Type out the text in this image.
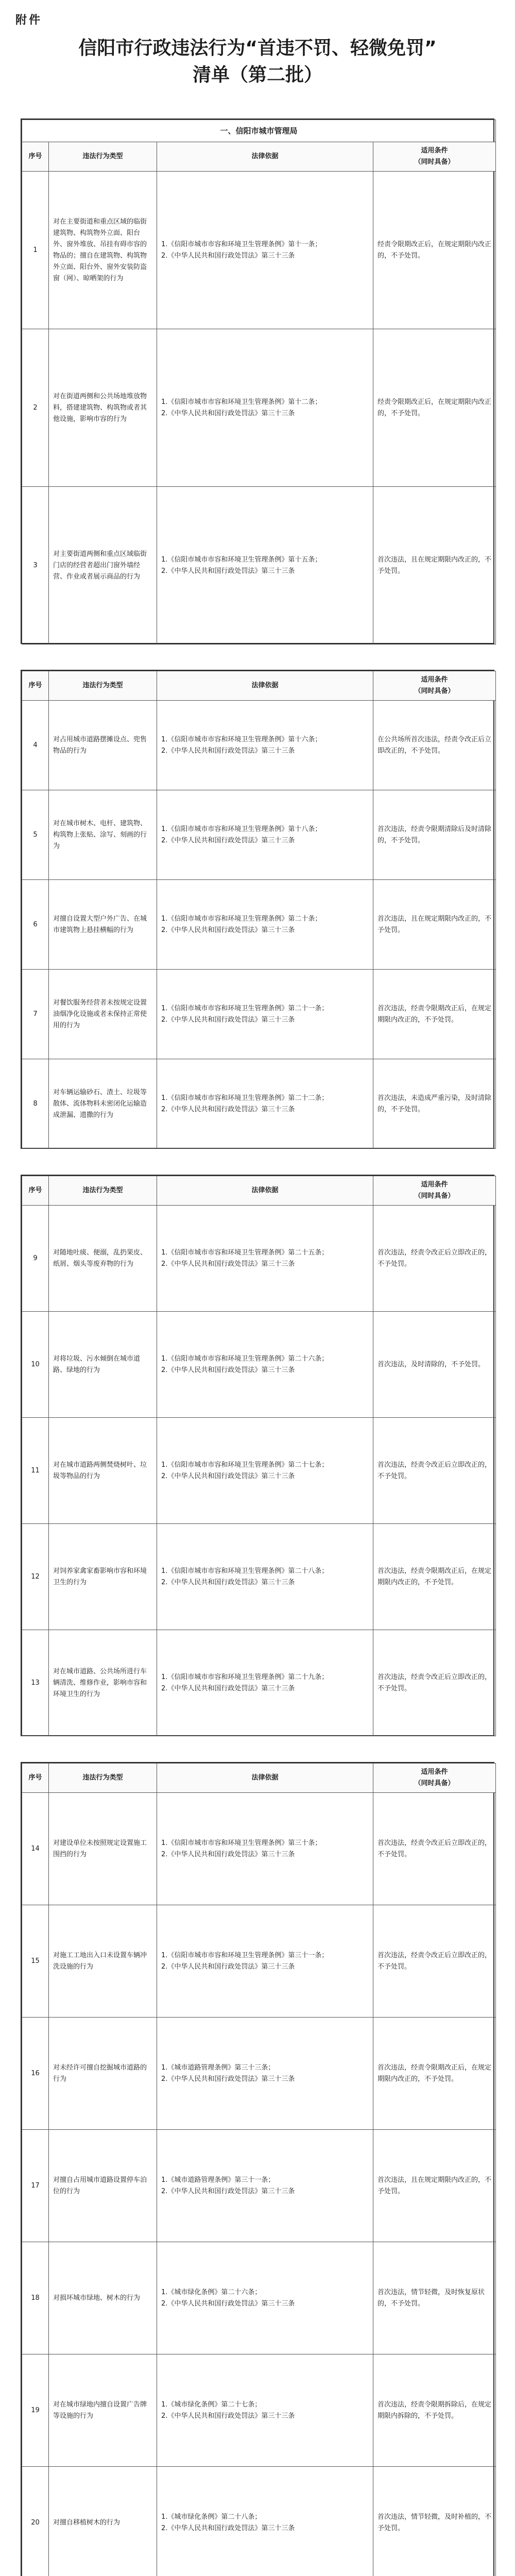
附件
信阳市行政违法行为“首违不罚、轻微免罚”
清单（第二批）
一、信阳市城市管理局			
序号	违法行为类型	法律依据	适用条件
（同时具备）
1	对在主要街道和重点区域的临街建筑物、构筑物外立面、阳台外、窗外堆放、吊挂有碍市容的物品的；擅自在建筑物、构筑物外立面、阳台外、窗外安装防盗窗（网）、晾晒架的行为	1.《信阳市城市市容和环境卫生管理条例》第十一条；
2.《中华人民共和国行政处罚法》第三十三条	经责令限期改正后，在规定期限内改正的，不予处罚。
2	对在街道两侧和公共场地堆放物料，搭建建筑物、构筑物或者其他设施，影响市容的行为	1.《信阳市城市市容和环境卫生管理条例》第十二条；
2.《中华人民共和国行政处罚法》第三十三条	经责令限期改正后，在规定期限内改正的，不予处罚。
3	对主要街道两侧和重点区域临街门店的经营者超出门窗外墙经营、作业或者展示商品的行为	1.《信阳市城市市容和环境卫生管理条例》第十五条；
2.《中华人民共和国行政处罚法》第三十三条	首次违法，且在规定期限内改正的，不予处罚。
序号	违法行为类型	法律依据	适用条件
（同时具备）
4	对占用城市道路摆摊设点、兜售物品的行为	1.《信阳市城市市容和环境卫生管理条例》第十六条；
2.《中华人民共和国行政处罚法》第三十三条	在公共场所首次违法，经责令改正后立即改正的，不予处罚。
5	对在城市树木、电杆、建筑物、构筑物上张贴、涂写、刻画的行为	1.《信阳市城市市容和环境卫生管理条例》第十八条；
2.《中华人民共和国行政处罚法》第三十三条	首次违法，经责令限期清除后及时清除的，不予处罚。
6	对擅自设置大型户外广告、在城市建筑物上悬挂横幅的行为	1.《信阳市城市市容和环境卫生管理条例》第二十条；
2.《中华人民共和国行政处罚法》第三十三条	首次违法，且在规定期限内改正的，不予处罚。
7	对餐饮服务经营者未按规定设置油烟净化设施或者未保持正常使用的行为	1.《信阳市城市市容和环境卫生管理条例》第二十一条；
2.《中华人民共和国行政处罚法》第三十三条	首次违法，经责令限期改正后，在规定期限内改正的，不予处罚。
8	对车辆运输砂石、渣土、垃圾等散体、流体物料未密闭化运输造成泄漏、遗撒的行为	1.《信阳市城市市容和环境卫生管理条例》第二十二条；
2.《中华人民共和国行政处罚法》第三十三条	首次违法，未造成严重污染，及时清除的，不予处罚。
序号	违法行为类型	法律依据	适用条件
（同时具备）
9	对随地吐痰、便溺，乱扔果皮、纸屑、烟头等废弃物的行为	1.《信阳市城市市容和环境卫生管理条例》第二十五条；
2.《中华人民共和国行政处罚法》第三十三条	首次违法，经责令改正后立即改正的，不予处罚。
10	对将垃圾、污水倾倒在城市道路、绿地的行为	1.《信阳市城市市容和环境卫生管理条例》第二十六条；
2.《中华人民共和国行政处罚法》第三十三条	首次违法，及时清除的，不予处罚。
11	对在城市道路两侧焚烧树叶、垃圾等物品的行为	1.《信阳市城市市容和环境卫生管理条例》第二十七条；
2.《中华人民共和国行政处罚法》第三十三条	首次违法，经责令改正后立即改正的，不予处罚。
12	对饲养家禽家畜影响市容和环境卫生的行为	1.《信阳市城市市容和环境卫生管理条例》第二十八条；
2.《中华人民共和国行政处罚法》第三十三条	首次违法，经责令限期改正后，在规定期限内改正的，不予处罚。
13	对在城市道路、公共场所进行车辆清洗、维修作业，影响市容和环境卫生的行为	1.《信阳市城市市容和环境卫生管理条例》第二十九条；
2.《中华人民共和国行政处罚法》第三十三条	首次违法，经责令改正后立即改正的，不予处罚。
序号	违法行为类型	法律依据	适用条件
（同时具备）
14	对建设单位未按照规定设置施工围挡的行为	1.《信阳市城市市容和环境卫生管理条例》第三十条；
2.《中华人民共和国行政处罚法》第三十三条	首次违法，经责令改正后立即改正的，不予处罚。
15	对施工工地出入口未设置车辆冲洗设施的行为	1.《信阳市城市市容和环境卫生管理条例》第三十一条；
2.《中华人民共和国行政处罚法》第三十三条	首次违法，经责令改正后立即改正的，不予处罚。
16	对未经许可擅自挖掘城市道路的行为	1.《城市道路管理条例》第三十三条；
2.《中华人民共和国行政处罚法》第三十三条	首次违法，经责令限期改正后，在规定期限内改正的，不予处罚。
17	对擅自占用城市道路设置停车泊位的行为	1.《城市道路管理条例》第三十一条；
2.《中华人民共和国行政处罚法》第三十三条	首次违法，且在规定期限内改正的，不予处罚。
18	对损坏城市绿地、树木的行为	1.《城市绿化条例》第二十六条；
2.《中华人民共和国行政处罚法》第三十三条	首次违法，情节轻微，及时恢复原状的，不予处罚。
19	对在城市绿地内擅自设置广告牌等设施的行为	1.《城市绿化条例》第二十七条；
2.《中华人民共和国行政处罚法》第三十三条	首次违法，经责令限期拆除后，在规定期限内拆除的，不予处罚。
20	对擅自移植树木的行为	1.《城市绿化条例》第二十八条；
2.《中华人民共和国行政处罚法》第三十三条	首次违法，情节轻微，及时补植的，不予处罚。
